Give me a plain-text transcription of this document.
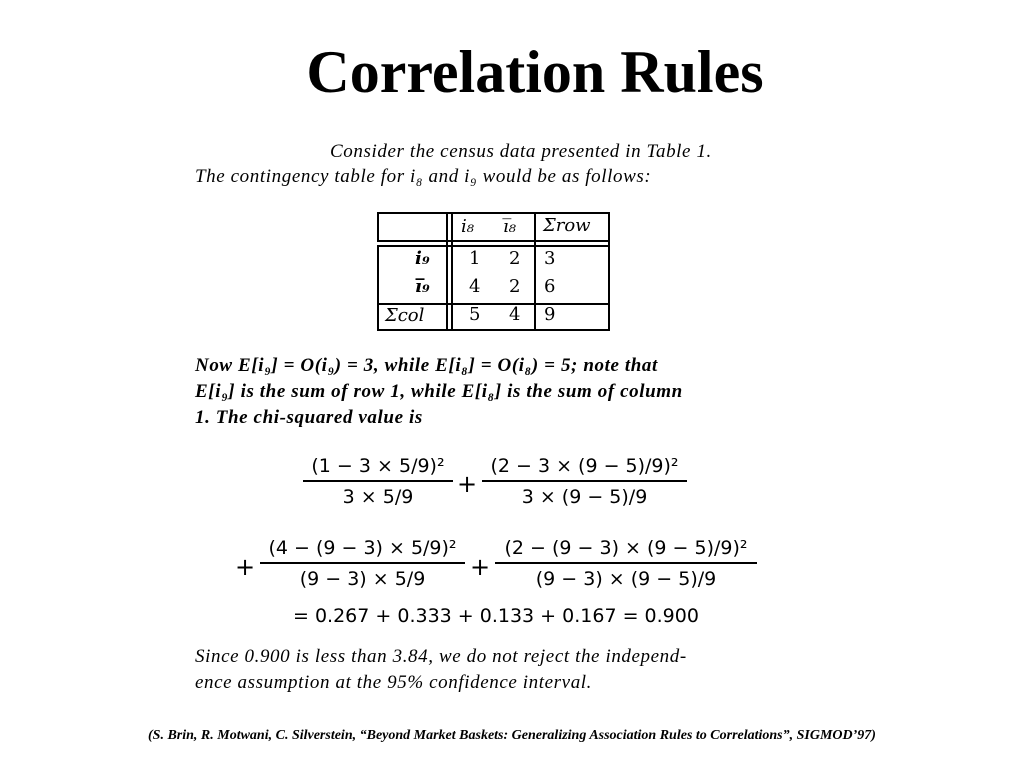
Correlation Rules
Consider the census data presented in Table 1.
The contingency table for i₈ and i₉ would be as follows:
i₈ i̅₈ Σrow
i₉
i̅₉
Σcol
1 2 3
4 2 6
5 4 9
Now E[i₉] = O(i₉) = 3, while E[i₈] = O(i₈) = 5; note that
E[i₉] is the sum of row 1, while E[i₈] is the sum of column
1. The chi-squared value is
(1 − 3 × 5/9)²
3 × 5/9	+
(2 − 3 × (9 − 5)/9)²
3 × (9 − 5)/9
+
(4 − (9 − 3) × 5/9)²
(9 − 3) × 5/9	+
(2 − (9 − 3) × (9 − 5)/9)²
(9 − 3) × (9 − 5)/9
= 0.267 + 0.333 + 0.133 + 0.167 = 0.900
Since 0.900 is less than 3.84, we do not reject the independ-
ence assumption at the 95% confidence interval.
(S. Brin, R. Motwani, C. Silverstein, “Beyond Market Baskets: Generalizing Association Rules to Correlations”, SIGMOD’97)
